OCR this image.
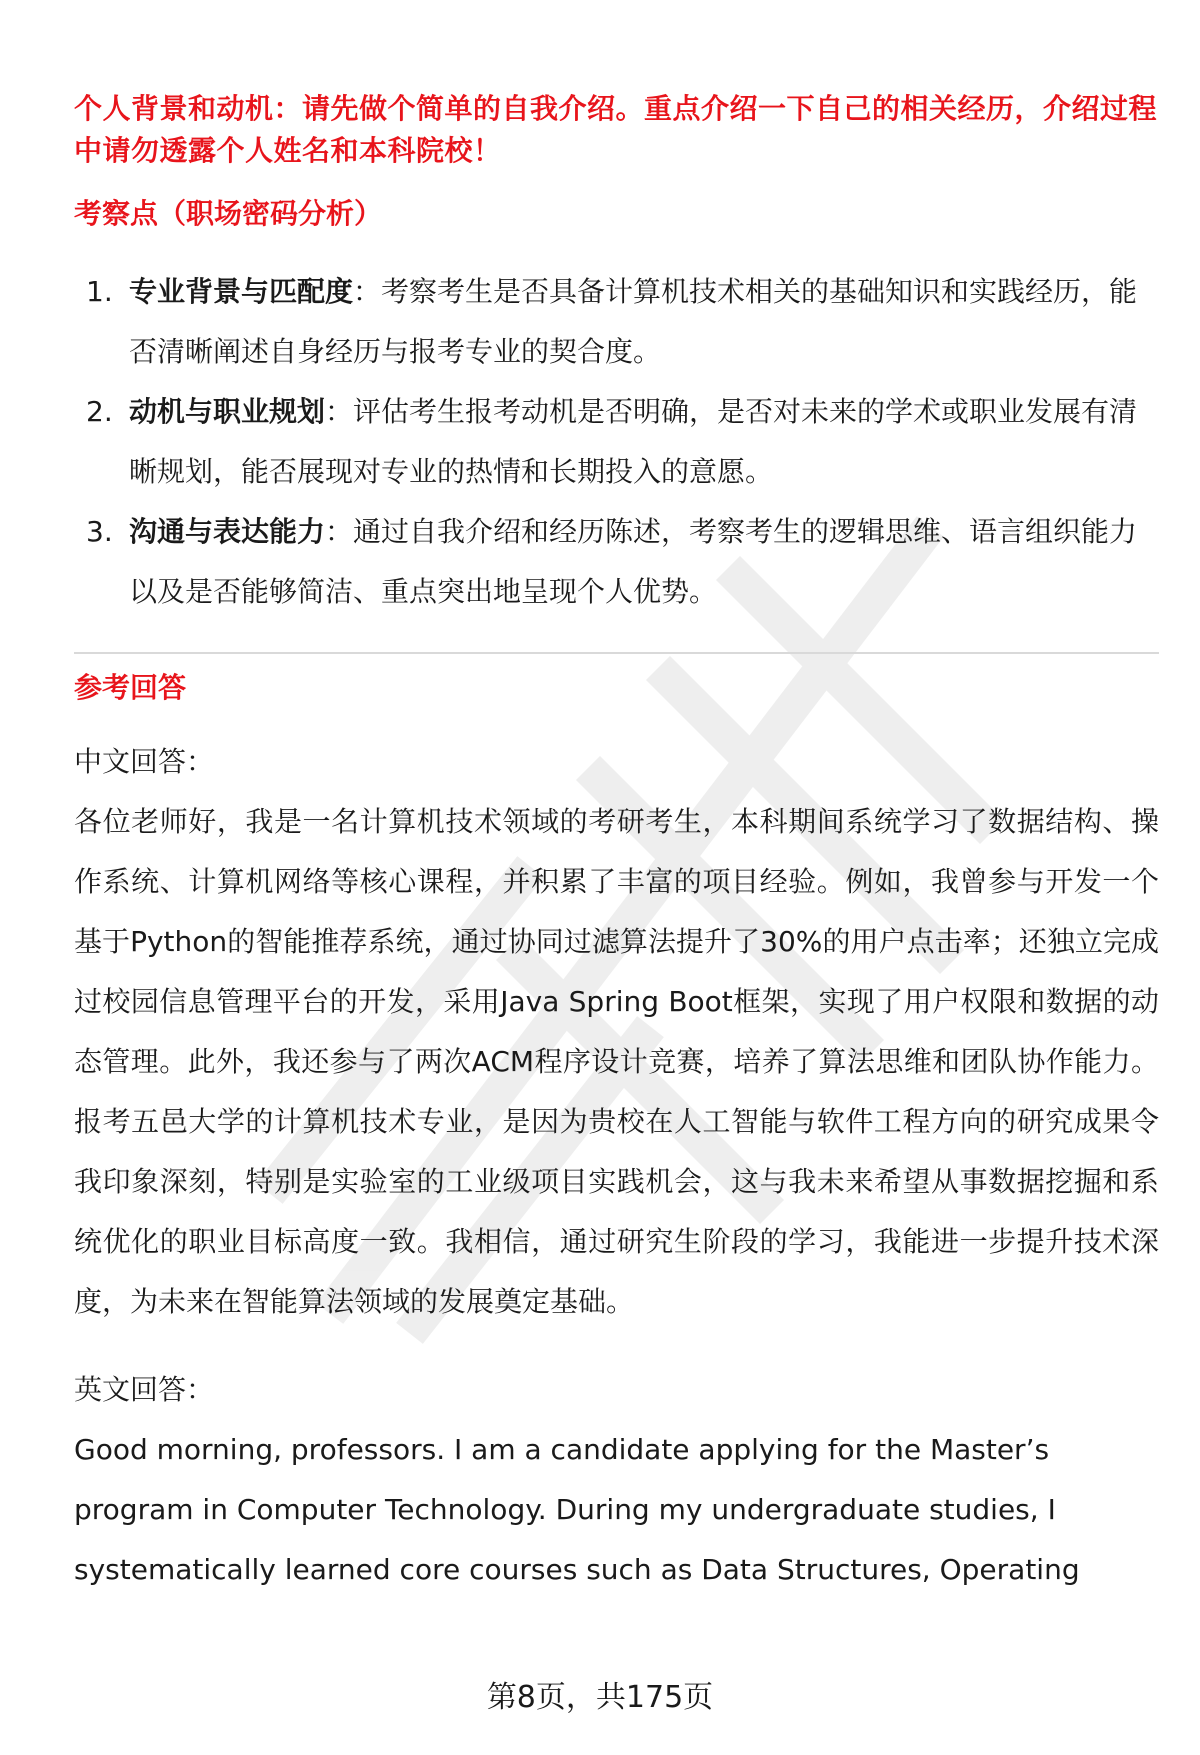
个人背景和动机：请先做个简单的自我介绍。重点介绍一下自己的相关经历，介绍过程中请勿透露个人姓名和本科院校！

考察点（职场密码分析）

1. 专业背景与匹配度：考察考生是否具备计算机技术相关的基础知识和实践经历，能否清晰阐述自身经历与报考专业的契合度。
2. 动机与职业规划：评估考生报考动机是否明确，是否对未来的学术或职业发展有清晰规划，能否展现对专业的热情和长期投入的意愿。
3. 沟通与表达能力：通过自我介绍和经历陈述，考察考生的逻辑思维、语言组织能力以及是否能够简洁、重点突出地呈现个人优势。

参考回答

中文回答：

各位老师好，我是一名计算机技术领域的考研考生，本科期间系统学习了数据结构、操作系统、计算机网络等核心课程，并积累了丰富的项目经验。例如，我曾参与开发一个基于Python的智能推荐系统，通过协同过滤算法提升了30%的用户点击率；还独立完成过校园信息管理平台的开发，采用Java Spring Boot框架，实现了用户权限和数据的动态管理。此外，我还参与了两次ACM程序设计竞赛，培养了算法思维和团队协作能力。报考五邑大学的计算机技术专业，是因为贵校在人工智能与软件工程方向的研究成果令我印象深刻，特别是实验室的工业级项目实践机会，这与我未来希望从事数据挖掘和系统优化的职业目标高度一致。我相信，通过研究生阶段的学习，我能进一步提升技术深度，为未来在智能算法领域的发展奠定基础。

英文回答：

Good morning, professors. I am a candidate applying for the Master’s program in Computer Technology. During my undergraduate studies, I systematically learned core courses such as Data Structures, Operating

第8页，共175页
